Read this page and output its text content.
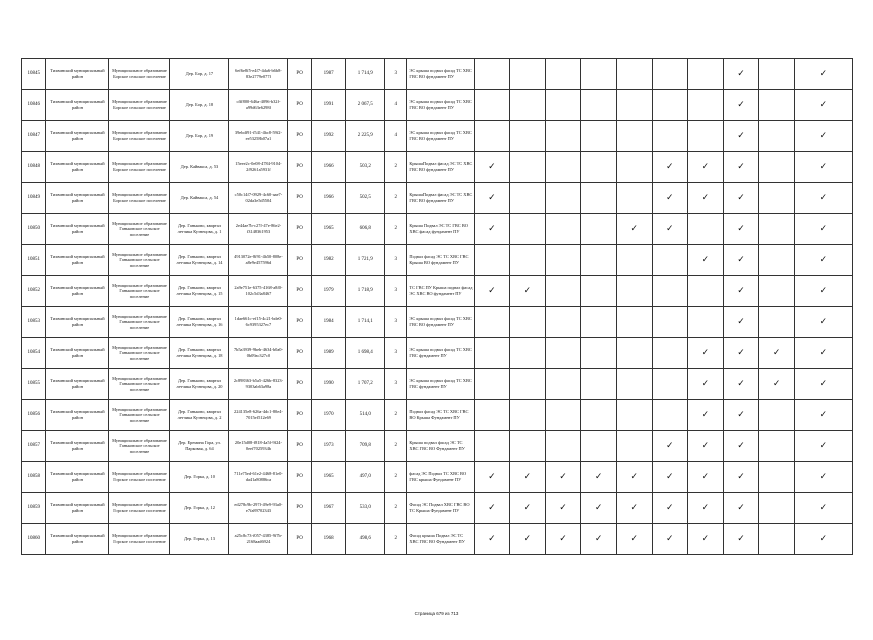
10845	Тихвинский муниципальный район	Муниципальное образование Борское сельское поселение	Дер. Бор, д. 17	6ef6e8f5-e4f7-4da6-b6b8-83e2779e077f	РО	1987	1 714,9	3	ЭС крыша подвал фасад ТС ХВС ГВС ВО фундамент ПУ								✓		✓
10846	Тихвинский муниципальный район	Муниципальное образование Борское сельское поселение	Дер. Бор, д. 18	cfff800-646a-4096-b32f-a99d63e6298f	РО	1991	2 067,5	4	ЭС крыша подвал фасад ТС ХВС ГВС ВО фундамент ПУ								✓		✓
10847	Тихвинский муниципальный район	Муниципальное образование Борское сельское поселение	Дер. Бор, д. 19	39ebdf91-f541-4bc8-59f2-ee53258b07a1	РО	1992	2 225,9	4	ЭС крыша подвал фасад ТС ХВС ГВС ВО фундамент ПУ								✓		✓
10848	Тихвинский муниципальный район	Муниципальное образование Борское сельское поселение	Дер. Кайвакса, д. 53	15eee2c-0e08-4784-9104-2f9261a5931f	РО	1966	503,2	2	КрышаПодвал фасад ЭС ТС ХВС ГВС ВО фундамент ПУ	✓					✓	✓	✓		✓
10849	Тихвинский муниципальный район	Муниципальное образование Борское сельское поселение	Дер. Кайвакса, д. 54	c50c14f7-0929-4c60-aae7-02da3e5d5504	РО	1966	502,5	2	КрышаПодвал фасад ЭС ТС ХВС ГВС ВО фундамент ПУ	✓					✓	✓	✓		✓
10850	Тихвинский муниципальный район	Муниципальное образование Ганьковское сельское поселение	Дер. Ганьково, квартал летчика Кузнецова, д. 1	2e44ae7b-c27f-47e-86e2-f3148361953	РО	1965	606,8	2	Крыша Подвал ЭС ТС ГВС ВО ХВС фасад фундамент ПУ	✓				✓	✓		✓		✓
10851	Тихвинский муниципальный район	Муниципальное образование Ганьковское сельское поселение	Дер. Ганьково, квартал летчика Кузнецова, д. 14	4913072e-8f91-4b50-808e-a8e9e457596d	РО	1982	1 721,9	3	Подвал фасад ЭС ТС ХВС ГВС Крыша ВО фундамент ПУ							✓	✓		✓
10852	Тихвинский муниципальный район	Муниципальное образование Ганьковское сельское поселение	Дер. Ганьково, квартал летчика Кузнецова, д. 15	2a9e751e-6375-4168-a8f0-102c5d3a8467	РО	1979	1 718,9	3	ТС ГВС ПУ Крыша подвал фасад ЭС ХВС ВО фундамент ПУ	✓	✓						✓		✓
10853	Тихвинский муниципальный район	Муниципальное образование Ганьковское сельское поселение	Дер. Ганьково, квартал летчика Кузнецова, д. 16	1dae661c-ef15-4c21-bde0-6c9395327ec7	РО	1984	1 714,1	3	ЭС крыша подвал фасад ТС ХВС ГВС ВО фундамент ПУ								✓		✓
10854	Тихвинский муниципальный район	Муниципальное образование Ганьковское сельское поселение	Дер. Ганьково, квартал летчика Кузнецова, д. 18	7b5a3939-9beb-4634-b0a0-0b09ac327c0	РО	1989	1 698,4	3	ЭС крыша подвал фасад ТС ХВС ГВС фундамент ПУ							✓	✓	✓	✓
10855	Тихвинский муниципальный район	Муниципальное образование Ганьковское сельское поселение	Дер. Ганьково, квартал летчика Кузнецова, д. 20	2c898363-b5a5-426b-8323-9303ab63a98a	РО	1990	1 707,2	3	ЭС крыша подвал фасад ТС ХВС ГВС фундамент ПУ							✓	✓	✓	✓
10856	Тихвинский муниципальный район	Муниципальное образование Ганьковское сельское поселение	Дер. Ганьково, квартал летчика Кузнецова, д. 2	224135e8-626a-4dc1-80e4-7015ef512e69	РО	1970	514,0	2	Подвал фасад ЭС ТС ХВС ГВС ВО Крыша Фундамент ПУ							✓	✓		✓
10857	Тихвинский муниципальный район	Муниципальное образование Ганьковское сельское поселение	Дер. Ереминa Гора, ул. Парковая, д. 64	20e15d08-f818-4a5f-9f24-0eef7025934b	РО	1973	709,8	2	Крыша подвал фасад ЭС ТС ХВС ГВС ВО Фундамент ПУ						✓	✓	✓		✓
10858	Тихвинский муниципальный район	Муниципальное образование Горское сельское поселение	Дер. Горка, д. 10	711e75ed-61e2-4468-81e0-da41a80886ca	РО	1965	497,0	2	фасад ЭС Подвал ТС ХВС ВО ГВС крыша Фундамент ПУ	✓	✓	✓	✓	✓	✓	✓	✓		✓
10859	Тихвинский муниципальный район	Муниципальное образование Горское сельское поселение	Дер. Горка, д. 12	ed278c9b-297f-49e9-93a0-e7fa89702343	РО	1967	533,0	2	Фасад ЭС Подвал ХВС ГВС ВО ТС Крыша Фундамент ПУ	✓	✓	✓	✓	✓	✓	✓	✓		✓
10860	Тихвинский муниципальный район	Муниципальное образование Горское сельское поселение	Дер. Горка, д. 13	a25c8c73-f057-4385-9f7b-2168aad6924	РО	1968	498,6	2	Фасад крыша Подвал ЭС ТС ХВС ГВС ВО Фундамент ПУ	✓	✓	✓	✓	✓	✓	✓	✓		✓
Страница 679 из 713
